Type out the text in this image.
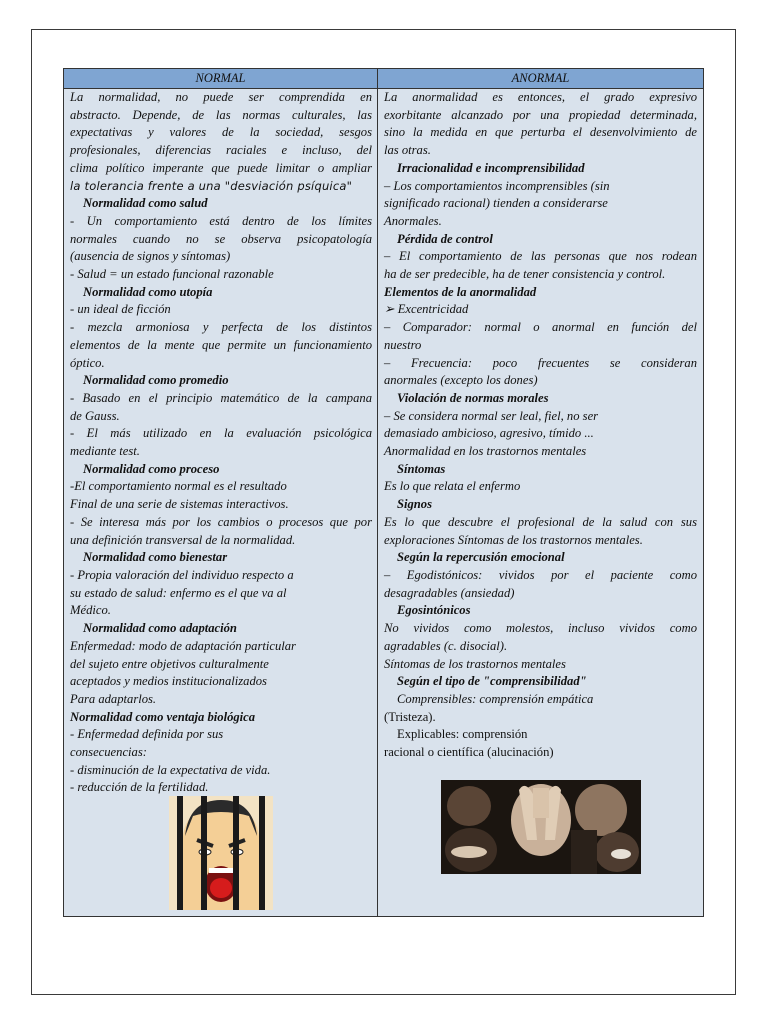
NORMAL	ANORMAL

La normalidad, no puede ser comprendida en

abstracto. Depende, de las normas culturales, las

expectativas y valores de la sociedad, sesgos

profesionales, diferencias raciales e incluso, del

clima político imperante que puede limitar o ampliar

la tolerancia frente a una "desviación psíquica"

Normalidad como salud

- Un comportamiento está dentro de los límites

normales cuando no se observa psicopatología

(ausencia de signos y síntomas)

- Salud = un estado funcional razonable

Normalidad como utopía

- un ideal de ficción

- mezcla armoniosa y perfecta de los distintos

elementos de la mente que permite un funcionamiento

óptico.

Normalidad como promedio

- Basado en el principio matemático de la campana

de Gauss.

- El más utilizado en la evaluación psicológica

mediante test.

Normalidad como proceso

-El comportamiento normal es el resultado

Final de una serie de sistemas interactivos.

- Se interesa más por los cambios o procesos que por

una definición transversal de la normalidad.

Normalidad como bienestar

- Propia valoración del individuo respecto a

su estado de salud: enfermo es el que va al

Médico.

Normalidad como adaptación

Enfermedad: modo de adaptación particular

del sujeto entre objetivos culturalmente

aceptados y medios institucionalizados

Para adaptarlos.

Normalidad como ventaja biológica

- Enfermedad definida por sus

consecuencias:

- disminución de la expectativa de vida.

- reducción de la fertilidad.

La anormalidad es entonces, el grado expresivo

exorbitante alcanzado por una propiedad determinada,

sino la medida en que perturba el desenvolvimiento de

las otras.

Irracionalidad e incomprensibilidad

– Los comportamientos incomprensibles (sin

significado racional) tienden a considerarse

Anormales.

Pérdida de control

– El comportamiento de las personas que nos rodean

ha de ser predecible, ha de tener consistencia y control.

Elementos de la anormalidad

➢ Excentricidad

– Comparador: normal o anormal en función del

nuestro

– Frecuencia: poco frecuentes se consideran

anormales (excepto los dones)

Violación de normas morales

– Se considera normal ser leal, fiel, no ser

demasiado ambicioso, agresivo, tímido ...

Anormalidad en los trastornos mentales

Síntomas

Es lo que relata el enfermo

Signos

Es lo que descubre el profesional de la salud con sus

exploraciones Síntomas de los trastornos mentales.

Según la repercusión emocional

– Egodistónicos: vividos por el paciente como

desagradables (ansiedad)

Egosintónicos

No vividos como molestos, incluso vividos como

agradables (c. disocial).

Síntomas de los trastornos mentales

Según el tipo de "comprensibilidad"

Comprensibles: comprensión empática

(Tristeza).

Explicables: comprensión

racional o científica (alucinación)
